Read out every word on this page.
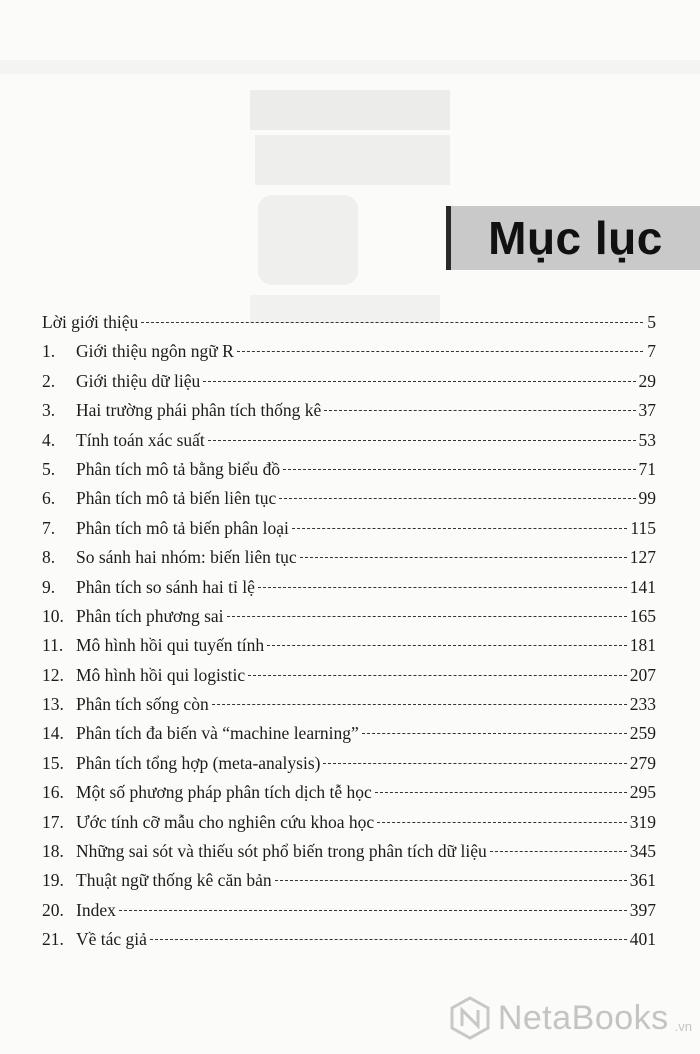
Mục lục
Lời giới thiệu	5
1.	Giới thiệu ngôn ngữ R	7
2.	Giới thiệu dữ liệu	29
3.	Hai trường phái phân tích thống kê	37
4.	Tính toán xác suất	53
5.	Phân tích mô tả bằng biểu đồ	71
6.	Phân tích mô tả biến liên tục	99
7.	Phân tích mô tả biến phân loại	115
8.	So sánh hai nhóm: biến liên tục	127
9.	Phân tích so sánh hai tỉ lệ	141
10. Phân tích phương sai	165
11. Mô hình hồi qui tuyến tính	181
12. Mô hình hồi qui logistic	207
13. Phân tích sống còn	233
14. Phân tích đa biến và “machine learning”	259
15. Phân tích tổng hợp (meta-analysis)	279
16. Một số phương pháp phân tích dịch tễ học	295
17. Ước tính cỡ mẫu cho nghiên cứu khoa học	319
18. Những sai sót và thiếu sót phổ biến trong phân tích dữ liệu	345
19. Thuật ngữ thống kê căn bản	361
20. Index	397
21. Về tác giả	401
NetaBooks .vn
